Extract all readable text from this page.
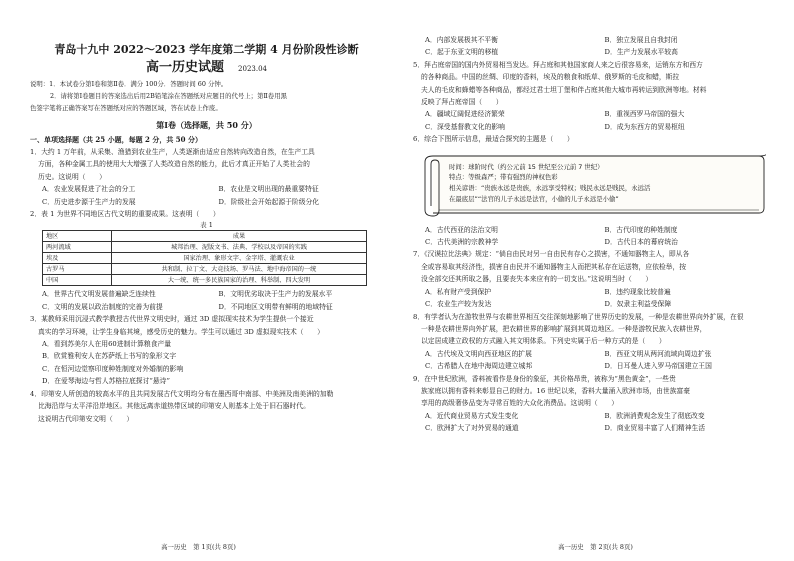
青岛十九中 2022～2023 学年度第二学期 4 月份阶段性诊断
高一历史试题 2023.04
说明：1．本试卷分第Ⅰ卷和第Ⅱ卷．满分 100分．答题时间 60 分钟。
2．请将第Ⅰ卷题目的答案选出后用2B铅笔涂在答题纸对应题目的代号上；第Ⅱ卷用黑
色签字笔将正确答案写在答题纸对应的答题区域，答在试卷上作废。
第Ⅰ卷（选择题，共 50 分）
一、单项选择题（共 25 小题，每题 2 分，共 50 分）
1．大约 1 万年前，从采集、渔猎到农业生产，人类逐渐由适应自然转向改造自然，在生产工具
方面，各种金属工具的使用大大增强了人类改造自然的能力，此后才真正开始了人类社会的
历史。这说明（　　）
A．农业发展促进了社会的分工	B．农业是文明出现的最重要特征
C．历史进步源于生产力的发展	D．阶级社会开始起源于阶级分化
2．表 1 为世界不同地区古代文明的重要成果。这表明（　　）
表 1
地区	成果
两河流域	城邦治理、泥版文书、法典、学校以及帝国的实践
埃及	国家治理、象形文字、金字塔、灌溉农业
古罗马	共和制、拉丁文、大竞技场、罗马法、地中海帝国的一统
中国	大一统、统一多民族国家的治理、科举制、四大发明
A．世界古代文明发展普遍缺乏连续性	B．文明优劣取决于生产力的发展水平
C．文明的发展以政治制度的完善为前提	D．不同地区文明带有鲜明的地域特征
3．某教师采用沉浸式教学教授古代世界文明史时，通过 3D 虚拟现实技术为学生提供一个接近
真实的学习环境，让学生身临其境，感受历史的魅力。学生可以通过 3D 虚拟现实技术（　　）
A．看到苏美尔人在用60进制计算粮食产量
B．欣赏雅利安人在苏萨纸上书写的象形文字
C．在恒河边觉察印度种姓制度对外婚制的影响
D．在爱琴海边与哲人苏格拉底探讨“悬诗”
4．印第安人所创造的较高水平的且共同发展古代文明均分布在墨西哥中南部、中美洲及南美洲的加勒
比海沿岸与太平洋沿岸地区。其他远离赤道热带区域的印第安人则基本上处于旧石器时代。
这说明古代印第安文明（　　）
高一历史　第 1页(共 8页)
A．内部发展极其不平衡	B．独立发展且自我封闭
C．起于东亚文明的移植	D．生产力发展水平较高
5．拜占庭帝国的国内外贸易相当发达。拜占庭和其他国家商人来之后很容易来，运销东方和西方
的各种商品。中国的丝绸、印度的香料，埃及的粮食和纸草、俄罗斯的毛皮和蜡，斯拉
夫人的毛皮和蜂蜡等各种商品，都经过君士坦丁堡和伴占庭其他大城市再转运到欧洲等地。材料
反映了拜占庭帝国（　　）
A．疆域辽阔促进经济繁荣	B．重视西罗马帝国的强大
C．深受基督教文化的影响	D．成为东西方的贸易枢纽
6．综合下图所示信息，最适合探究的主题是（　　）
时间：球阶时代（约公元前 15 世纪至公元前 7 世纪）
特点：等级森严；带有强烈的神权色彩
相关谚语：“贵族永远是贵族，永远享受特权；贱民永远是贱民，永远活
在最底层”“法官的儿子永远是法官，小偷的儿子永远是小偷”
A．古代西亚的法治文明	B．古代印度的种姓制度
C．古代美洲的宗教神学	D．古代日本的幕府统治
7．《汉谟拉比法典》规定：“倘自由民对另一自由民有存心之损害，不通知器物主人，即从各
全或容易取其经济性，损害自由民并不通知器物主人而把其私存在运送物，应依检举，按
没全部交还其所取之器，且要丧失本来应有的一切支出。”这说明当时（　　）
A．私有财产受到保护	B．违约现象比较普遍
C．农业生产较为发达	D．奴隶主利益受保障
8．有学者认为在游牧世界与农耕世界相互交往深刻地影响了世界历史的发展，一种是农耕世界向外扩展，在很
一种是农耕世界向外扩展，把农耕世界的影响扩展到其周边地区。一种是游牧民族入农耕世界，
以定居成建立政权的方式融入其文明体系。下列史实属于后一种方式的是（　　）
A．古代埃及文明向西亚地区的扩展	B．西亚文明从两河流域向周边扩张
C．古希腊人在地中海周边建立城邦	D．日耳曼人进入罗马帝国建立王国
9．在中世纪欧洲，香料被看作是身份的象征，其价格昂贵，被称为“黑色黄金”，一些贵
族家庭以拥有香料来彰显自己的财力。16 世纪以来，香料大量涌入欧洲市场，由世族富豪
享用的高级奢侈品变为寻常百姓的大众化消费品。这说明（　　）
A．近代商业贸易方式发生变化	B．欧洲消费观念发生了彻底改变
C．欧洲扩大了对外贸易的通道	D．商业贸易丰富了人们精神生活
高一历史　第 2页(共 8页)
